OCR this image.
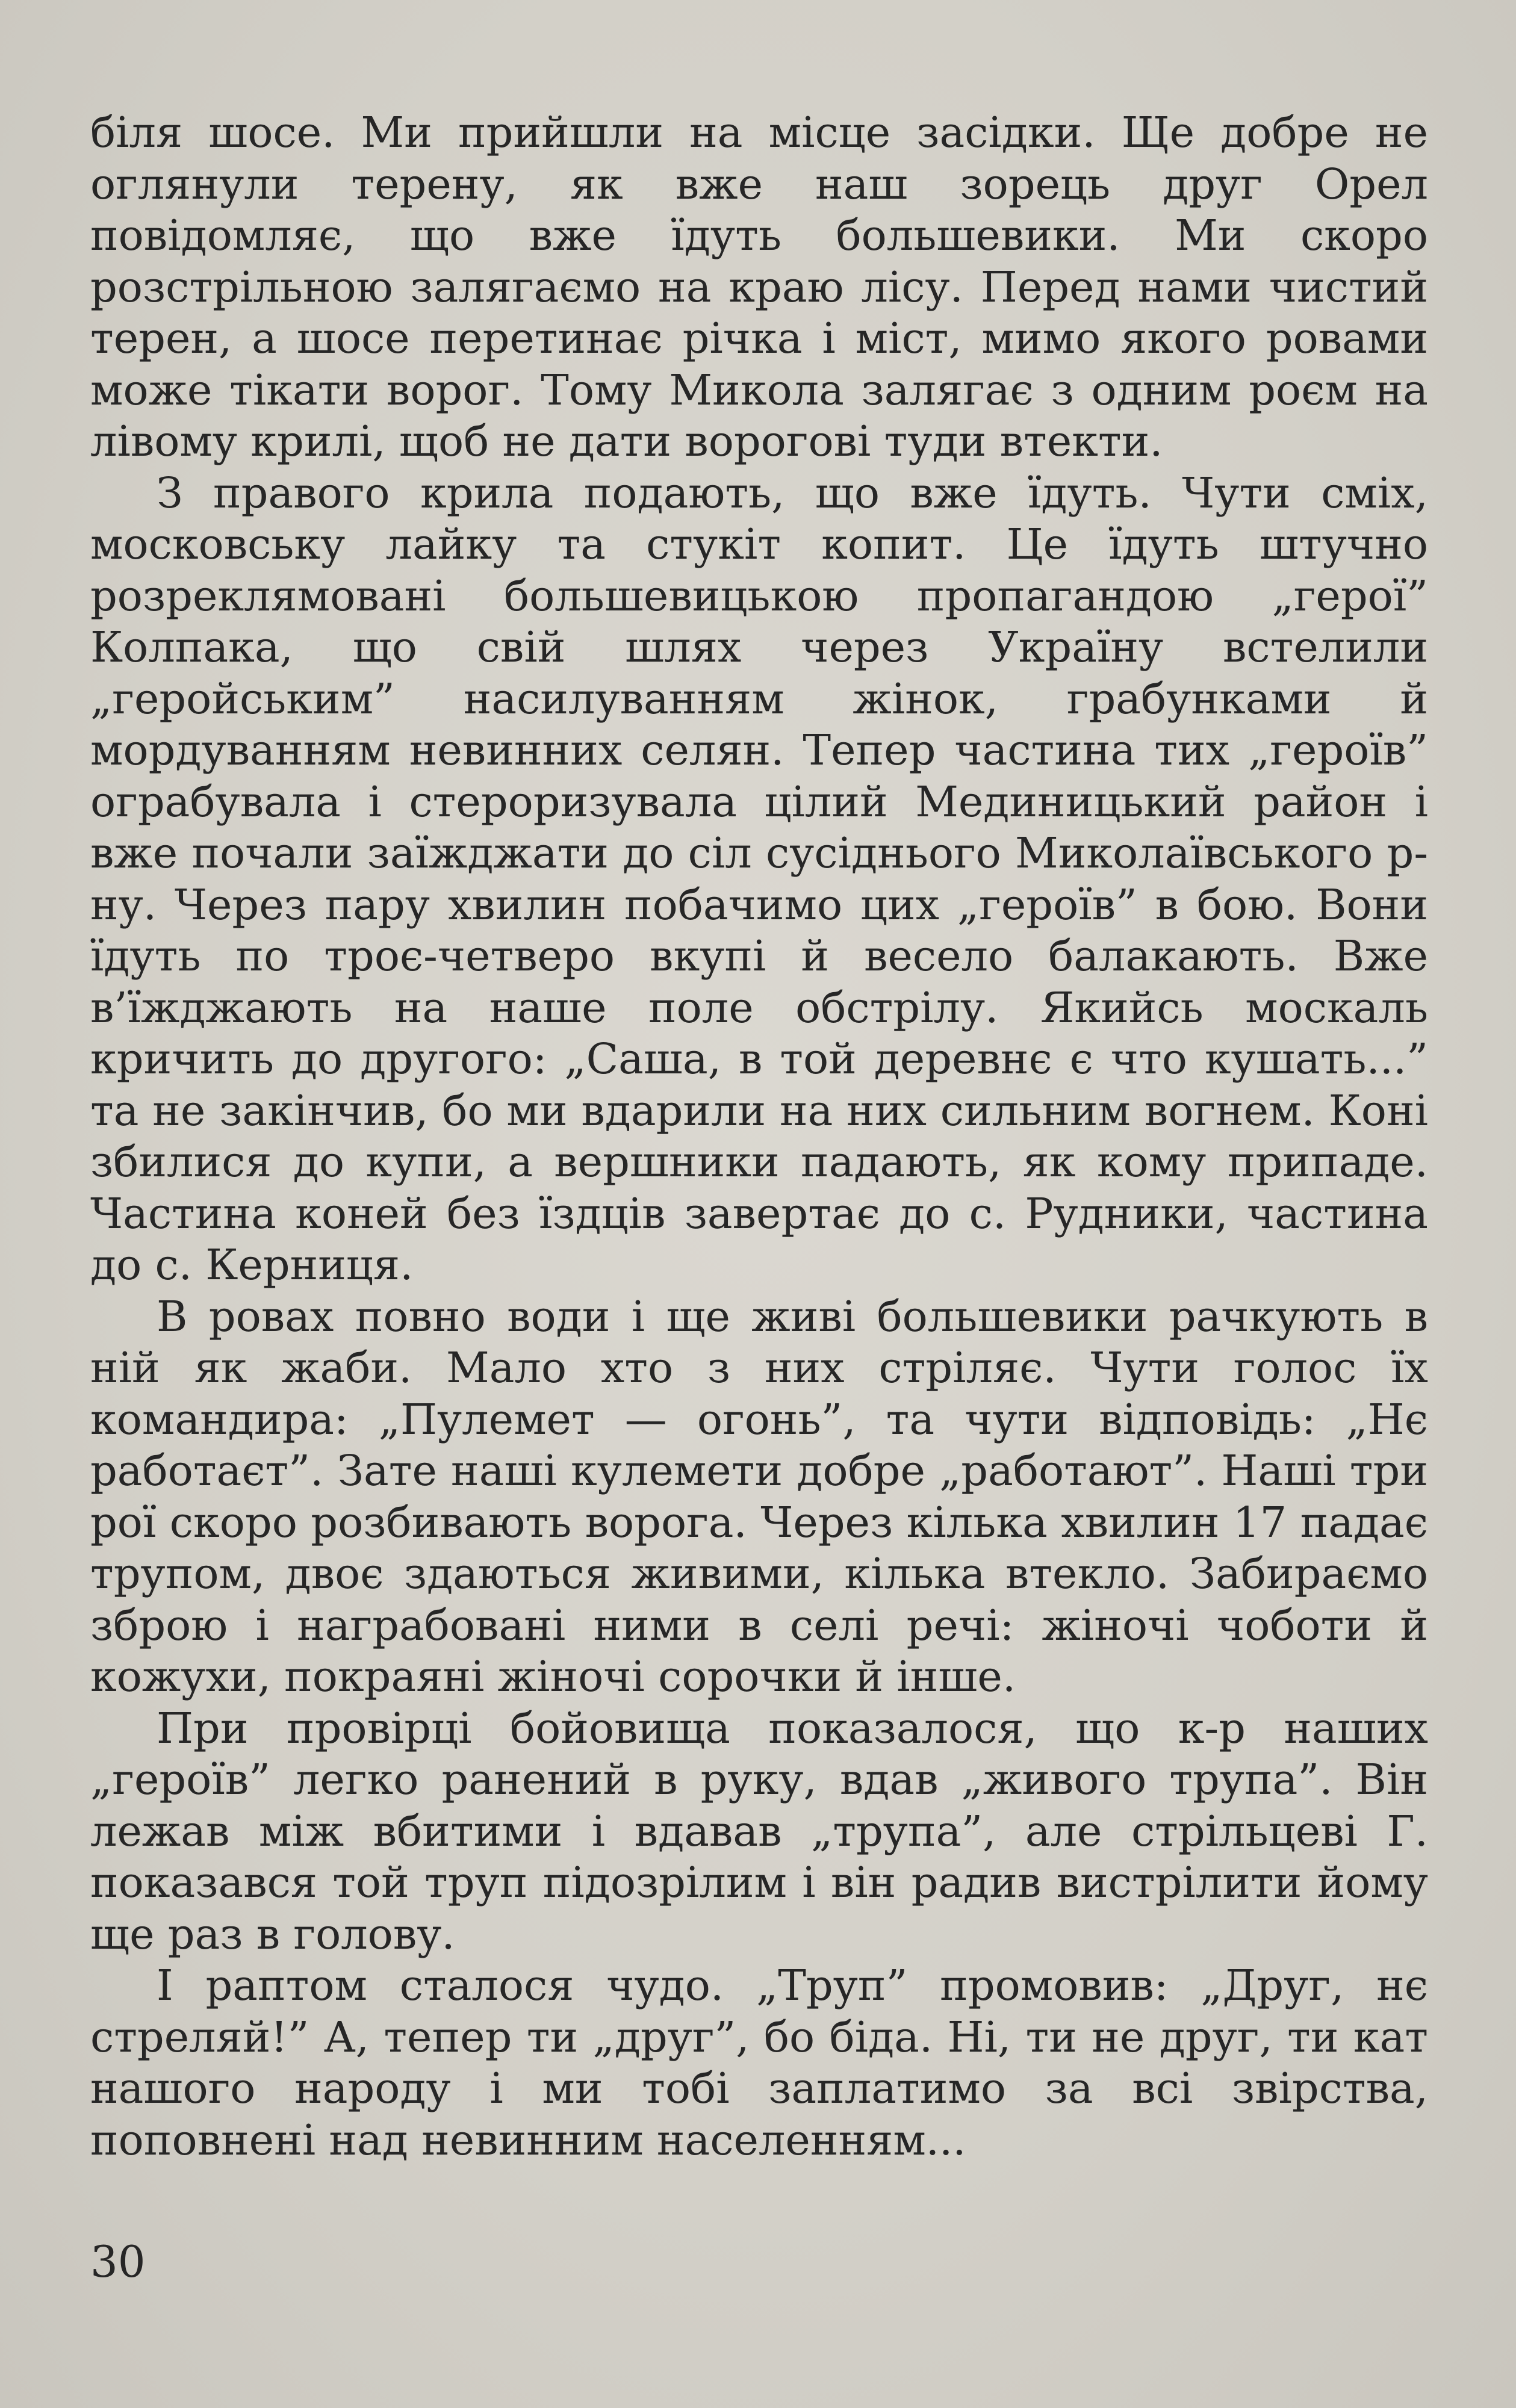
біля шосе. Ми прийшли на місце засідки. Ще добре не оглянули терену, як вже наш зорець друг Орел повідомляє, що вже їдуть большевики. Ми скоро розстрільною залягаємо на краю лісу. Перед нами чистий терен, а шосе перетинає річка і міст, мимо якого ровами може тікати ворог. Тому Микола залягає з одним роєм на лівому крилі, щоб не дати ворогові туди втекти.

З правого крила подають, що вже їдуть. Чути сміх, московську лайку та стукіт копит. Це їдуть штучно розреклямовані большевицькою пропагандою „герої” Колпака, що свій шлях через Україну встелили „геройським” насилуванням жінок, грабунками й мордуванням невинних селян. Тепер частина тих „героїв” ограбувала і стероризувала цілий Мединицький район і вже почали заїжджати до сіл сусіднього Миколаївського р-ну. Через пару хвилин побачимо цих „героїв” в бою. Вони їдуть по троє-четверо вкупі й весело балакають. Вже в’їжджають на наше поле обстрілу. Якийсь москаль кричить до другого: „Саша, в той деревнє є что кушать...” та не закінчив, бо ми вдарили на них сильним вогнем. Коні збилися до купи, а вершники падають, як кому припаде. Частина коней без їздців завертає до с. Рудники, частина до с. Керниця.

В ровах повно води і ще живі большевики рачкують в ній як жаби. Мало хто з них стріляє. Чути голос їх командира: „Пулемет — огонь”, та чути відповідь: „Нє работаєт”. Зате наші кулемети добре „работают”. Наші три рої скоро розбивають ворога. Через кілька хвилин 17 падає трупом, двоє здаються живими, кілька втекло. Забираємо зброю і награбовані ними в селі речі: жіночі чоботи й кожухи, покраяні жіночі сорочки й інше.

При провірці бойовища показалося, що к-р наших „героїв” легко ранений в руку, вдав „живого трупа”. Він лежав між вбитими і вдавав „трупа”, але стрільцеві Г. показався той труп підозрілим і він радив вистрілити йому ще раз в голову.

І раптом сталося чудо. „Труп” промовив: „Друг, нє стреляй!” А, тепер ти „друг”, бо біда. Ні, ти не друг, ти кат нашого народу і ми тобі заплатимо за всі звірства, поповнені над невинним населенням...

30
